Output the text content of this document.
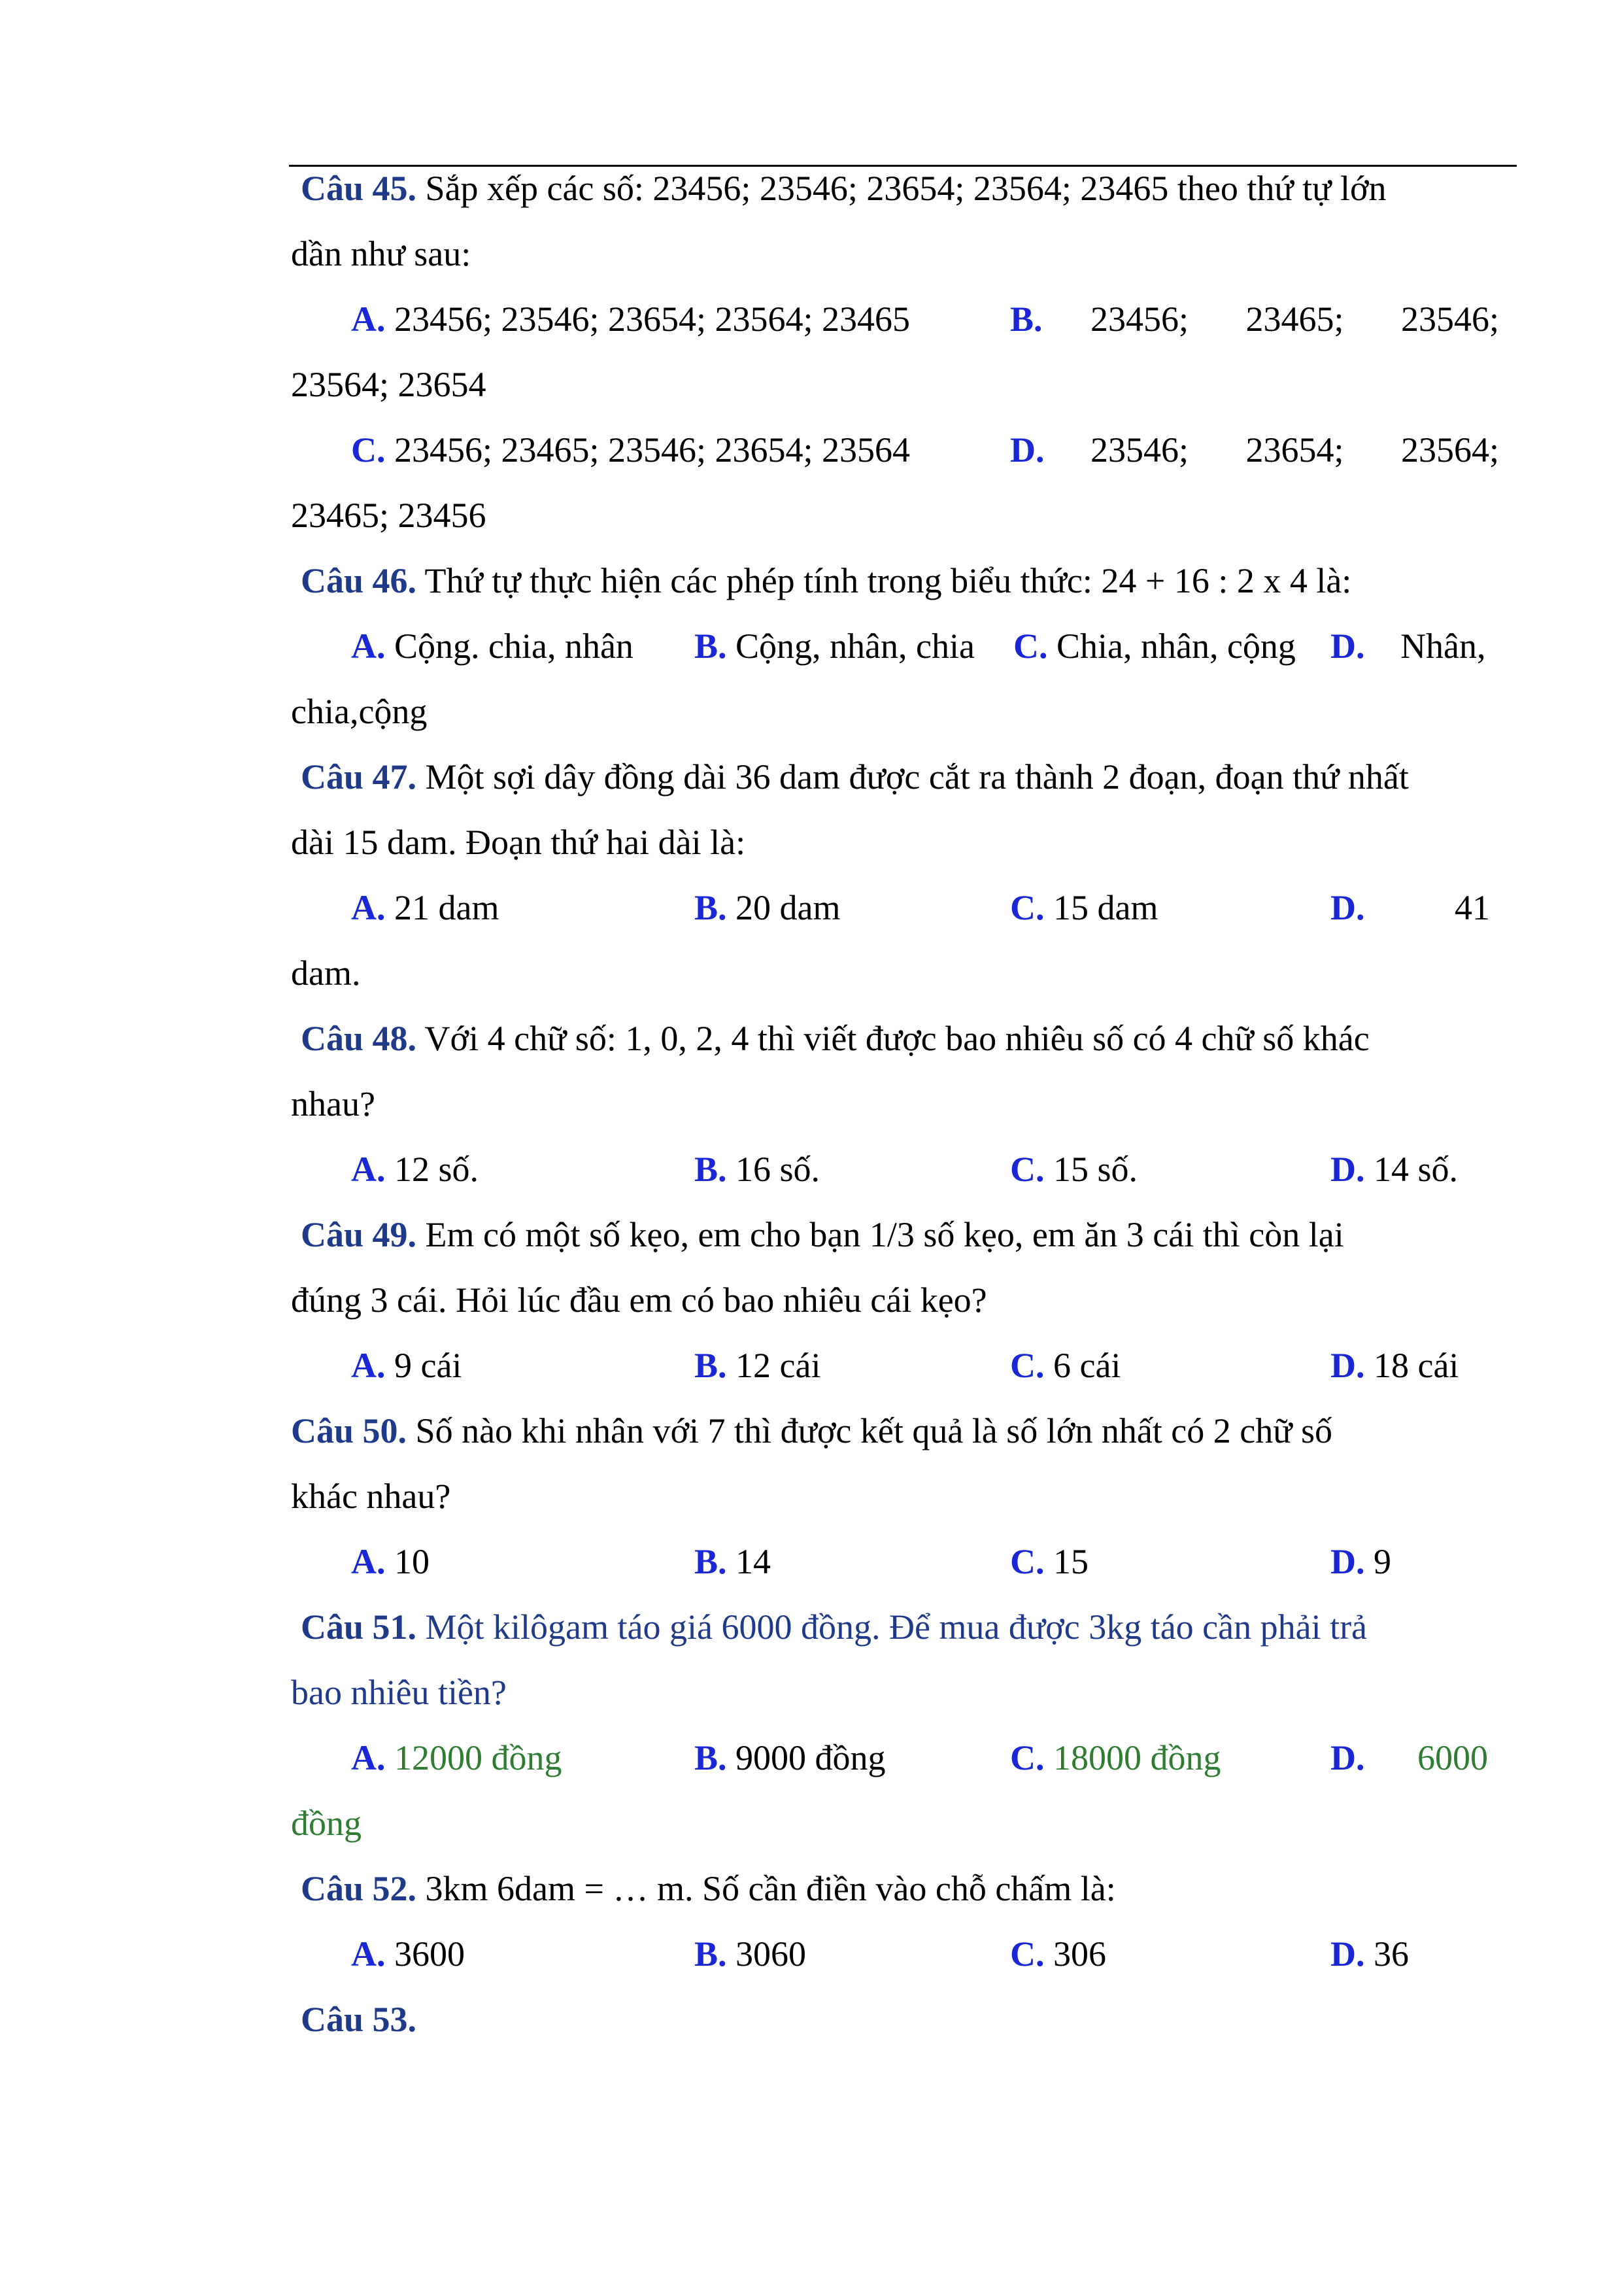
Câu 45. Sắp xếp các số: 23456; 23546; 23654; 23564; 23465 theo thứ tự lớn
dần như sau:
A. 23456; 23546; 23654; 23564; 23465	B. 23456; 23465; 23546;
23564; 23654
C. 23456; 23465; 23546; 23654; 23564	D. 23546; 23654; 23564;
23465; 23456
Câu 46. Thứ tự thực hiện các phép tính trong biểu thức: 24 + 16 : 2 x 4 là:
A. Cộng. chia, nhân B. Cộng, nhân, chia C. Chia, nhân, cộng D. Nhân,
chia,cộng
Câu 47. Một sợi dây đồng dài 36 dam được cắt ra thành 2 đoạn, đoạn thứ nhất
dài 15 dam. Đoạn thứ hai dài là:
A. 21 dam	B. 20 dam	C. 15 dam	D.	41
dam.
Câu 48. Với 4 chữ số: 1, 0, 2, 4 thì viết được bao nhiêu số có 4 chữ số khác
nhau?
A. 12 số.	B. 16 số.	C. 15 số.	D. 14 số.
Câu 49. Em có một số kẹo, em cho bạn 1/3 số kẹo, em ăn 3 cái thì còn lại
đúng 3 cái. Hỏi lúc đầu em có bao nhiêu cái kẹo?
A. 9 cái	B. 12 cái	C. 6 cái	D. 18 cái
Câu 50. Số nào khi nhân với 7 thì được kết quả là số lớn nhất có 2 chữ số
khác nhau?
A. 10	B. 14	C. 15	D. 9
Câu 51. Một kilôgam táo giá 6000 đồng. Để mua được 3kg táo cần phải trả
bao nhiêu tiền?
A. 12000 đồng	B. 9000 đồng	C. 18000 đồng	D. 6000
đồng
Câu 52. 3km 6dam = … m. Số cần điền vào chỗ chấm là:
A. 3600	B. 3060	C. 306	D. 36
Câu 53.
